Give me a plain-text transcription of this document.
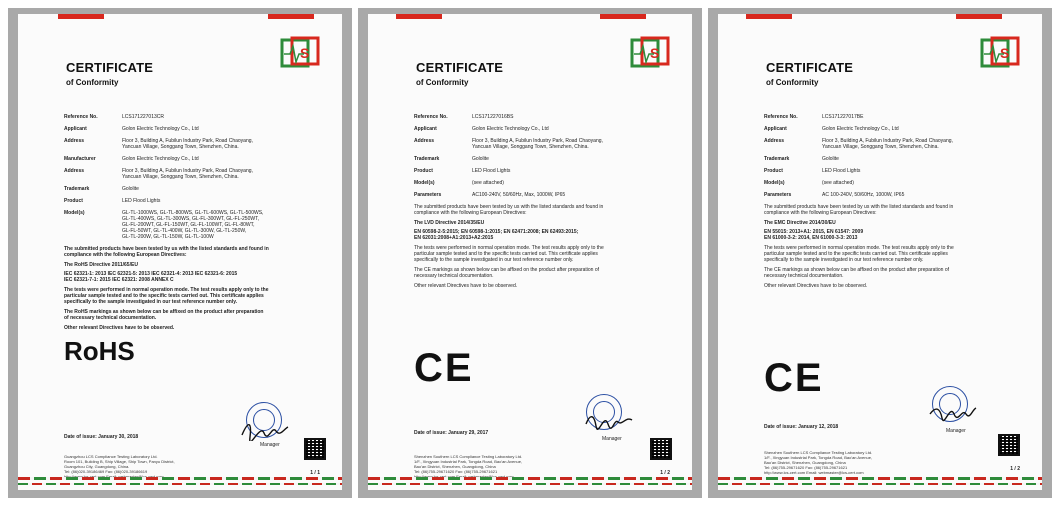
S
CERTIFICATE
of Conformity
Reference No.	LCS171227013CR
Applicant	Golon Electric Technology Co., Ltd
Address	Floor 3, Building A, Fubilun Industry Park, Road Chaoyang,
Yancuan Village, Songgang Town, Shenzhen, China.
Manufacturer	Golon Electric Technology Co., Ltd
Address	Floor 3, Building A, Fubilun Industry Park, Road Chaoyang,
Yancuan Village, Songgang Town, Shenzhen, China.
Trademark	Gololite
Product	LED Flood Lights
Model(s)	GL-TL-1000WS, GL-TL-800WS, GL-TL-600WS, GL-TL-500WS,
GL-TL-400WS, GL-TL-300WS, GL-FL-300WT, GL-FL-250WT,
GL-FL-200WT, GL-FL-150WT, GL-FL-100WT, GL-FL-80WT,
GL-FL-50WT, GL-TL-400W, GL-TL-300W, GL-TL-250W,
GL-TL-200W, GL-TL-150W, GL-TL-100W
The submitted products have been tested by us with the listed standards and found in
compliance with the following European Directives:
The RoHS Directive 2011/65/EU
IEC 62321-1: 2013 IEC 62321-5: 2013 IEC 62321-4: 2013 IEC 62321-6: 2015
IEC 62321-7-1: 2015 IEC 62321: 2008 ANNEX C
The tests were performed in normal operation mode. The test results apply only to the
particular sample tested and to the specific tests carried out. This certificate applies
specifically to the sample investigated in our test reference number only.
The RoHS markings as shown below can be affixed on the product after preparation
of necessary technical documentation.
Other relevant Directives have to be observed.
RoHS
Date of issue: January 30, 2018
Manager
Guangzhou LCS Compliance Testing Laboratory Ltd.
Room 101, Building B, Ship Village, Ship Town, Panyu District,
Guangzhou City, Guangdong, China.
Tel: (86)020-39186469 Fax: (86)020-39186619	1 / 1
S
CERTIFICATE
of Conformity
Reference No.	LCS171227016BS
Applicant	Golon Electric Technology Co., Ltd
Address	Floor 3, Building A, Fubilun Industry Park, Road Chaoyang,
Yancuan Village, Songgang Town, Shenzhen, China.
Trademark	Gololite
Product	LED Flood Lights
Model(s)	(see attached)
Parameters	AC100-240V, 50/60Hz, Max, 1000W, IP65
The submitted products have been tested by us with the listed standards and found in
compliance with the following European Directives:
The LVD Directive 2014/35/EU
EN 60598-2-5:2015; EN 60598-1:2015; EN 62471:2008; EN 62493:2015;
EN 62031:2008+A1:2013+A2:2015
The tests were performed in normal operation mode. The test results apply only to the
particular sample tested and to the specific tests carried out. This certificate applies
specifically to the sample investigated in our test reference number only.
The CE markings as shown below can be affixed on the product after preparation of
necessary technical documentation.
Other relevant Directives have to be observed.
CE
Date of issue: January 29, 2017
Manager
Shenzhen Southern LCS Compliance Testing Laboratory Ltd.
1/F., Xingyuan Industrial Park, Tongda Road, Bao'an Avenue,
Bao'an District, Shenzhen, Guangdong, China
Tel: (86)755-29671620 Fax: (86)755-29671621	1 / 2
S
CERTIFICATE
of Conformity
Reference No.	LCS171227017BE
Applicant	Golon Electric Technology Co., Ltd
Address	Floor 3, Building A, Fubilun Industry Park, Road Chaoyang,
Yancuan Village, Songgang Town, Shenzhen, China.
Trademark	Gololite
Product	LED Flood Lights
Model(s)	(see attached)
Parameters	AC 100-240V, 50/60Hz, 1000W, IP65
The submitted products have been tested by us with the listed standards and found in
compliance with the following European Directives:
The EMC Directive 2014/30/EU
EN 55015: 2013+A1: 2015, EN 61547: 2009
EN 61000-3-2: 2014, EN 61000-3-3: 2013
The tests were performed in normal operation mode. The test results apply only to the
particular sample tested and to the specific tests carried out. This certificate applies
specifically to the sample investigated in our test reference number only.
The CE markings as shown below can be affixed on the product after preparation of
necessary technical documentation.
Other relevant Directives have to be observed.
CE
Date of issue: January 12, 2018
Manager
Shenzhen Southern LCS Compliance Testing Laboratory Ltd.
1/F., Xingyuan Industrial Park, Tongda Road, Bao'an Avenue,
Bao'an District, Shenzhen, Guangdong, China
Tel: (86)755-29671620 Fax: (86)755-29671621
http://www.lcs-cert.com Email: webmaster@lcs-cert.com
1 / 2
